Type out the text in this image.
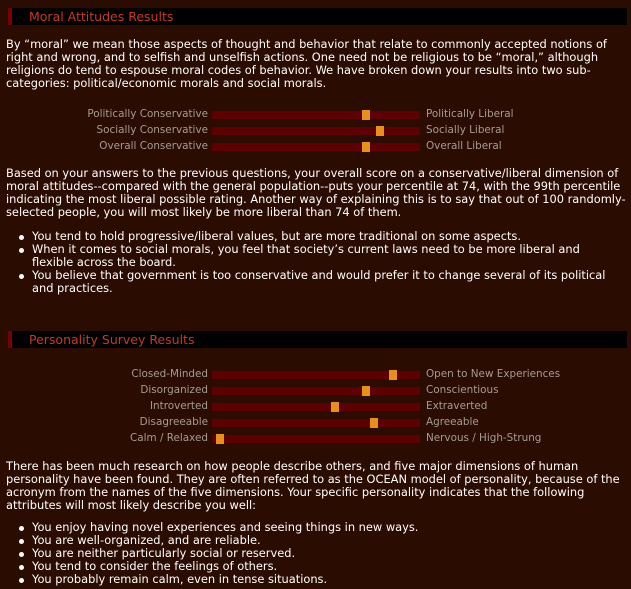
Moral Attitudes Results

By “moral” we mean those aspects of thought and behavior that relate to commonly accepted notions of right and wrong, and to selfish and unselfish actions. One need not be religious to be “moral,” although religions do tend to espouse moral codes of behavior. We have broken down your results into two sub-categories: political/economic morals and social morals.

Politically Conservative	Politically Liberal
Socially Conservative	Socially Liberal
Overall Conservative	Overall Liberal

Based on your answers to the previous questions, your overall score on a conservative/liberal dimension of moral attitudes--compared with the general population--puts your percentile at 74, with the 99th percentile indicating the most liberal possible rating. Another way of explaining this is to say that out of 100 randomly-selected people, you will most likely be more liberal than 74 of them.

You tend to hold progressive/liberal values, but are more traditional on some aspects.
When it comes to social morals, you feel that society’s current laws need to be more liberal and flexible across the board.
You believe that government is too conservative and would prefer it to change several of its political and practices.
Personality Survey Results
Closed-Minded	Open to New Experiences
Disorganized	Conscientious
Introverted	Extraverted
Disagreeable	Agreeable
Calm / Relaxed	Nervous / High-Strung

There has been much research on how people describe others, and five major dimensions of human personality have been found. They are often referred to as the OCEAN model of personality, because of the acronym from the names of the five dimensions. Your specific personality indicates that the following attributes will most likely describe you well:

You enjoy having novel experiences and seeing things in new ways.
You are well-organized, and are reliable.
You are neither particularly social or reserved.
You tend to consider the feelings of others.
You probably remain calm, even in tense situations.
